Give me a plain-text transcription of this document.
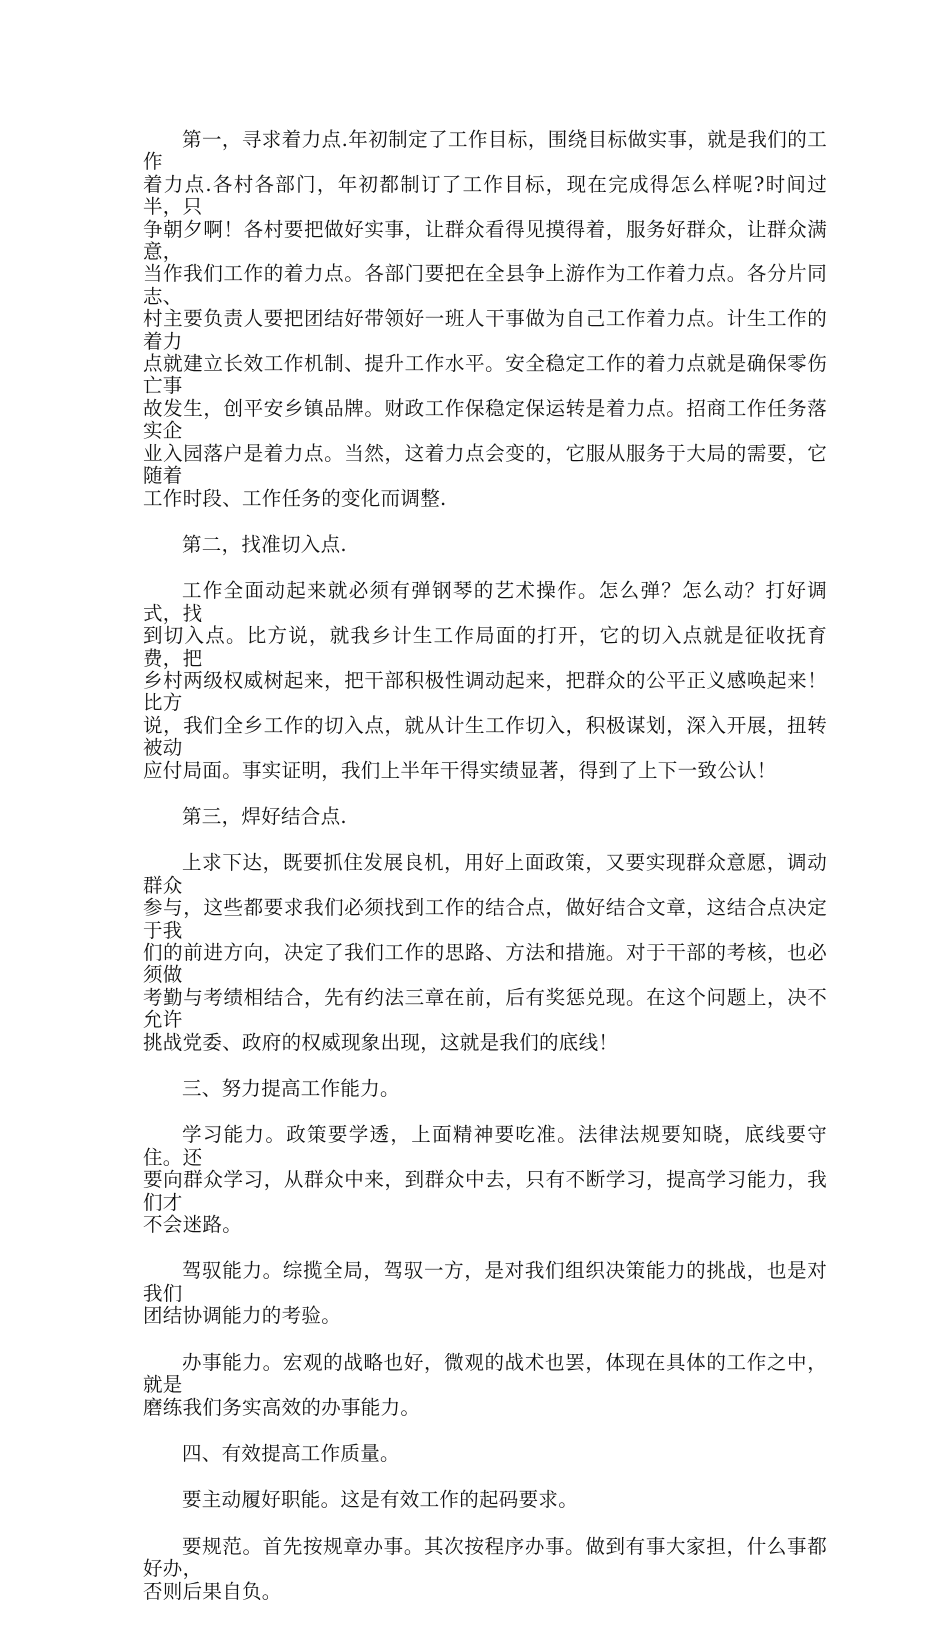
第一，寻求着力点.年初制定了工作目标，围绕目标做实事，就是我们的工作
着力点.各村各部门，年初都制订了工作目标，现在完成得怎么样呢?时间过半，只
争朝夕啊！各村要把做好实事，让群众看得见摸得着，服务好群众，让群众满意，
当作我们工作的着力点。各部门要把在全县争上游作为工作着力点。各分片同志、
村主要负责人要把团结好带领好一班人干事做为自己工作着力点。计生工作的着力
点就建立长效工作机制、提升工作水平。安全稳定工作的着力点就是确保零伤亡事
故发生，创平安乡镇品牌。财政工作保稳定保运转是着力点。招商工作任务落实企
业入园落户是着力点。当然，这着力点会变的，它服从服务于大局的需要，它随着
工作时段、工作任务的变化而调整.
第二，找准切入点.
工作全面动起来就必须有弹钢琴的艺术操作。怎么弹？怎么动？打好调式，找
到切入点。比方说，就我乡计生工作局面的打开，它的切入点就是征收抚育费，把
乡村两级权威树起来，把干部积极性调动起来，把群众的公平正义感唤起来！比方
说，我们全乡工作的切入点，就从计生工作切入，积极谋划，深入开展，扭转被动
应付局面。事实证明，我们上半年干得实绩显著，得到了上下一致公认！
第三，焊好结合点.
上求下达，既要抓住发展良机，用好上面政策，又要实现群众意愿，调动群众
参与，这些都要求我们必须找到工作的结合点，做好结合文章，这结合点决定于我
们的前进方向，决定了我们工作的思路、方法和措施。对于干部的考核，也必须做
考勤与考绩相结合，先有约法三章在前，后有奖惩兑现。在这个问题上，决不允许
挑战党委、政府的权威现象出现，这就是我们的底线！
三、努力提高工作能力。
学习能力。政策要学透，上面精神要吃准。法律法规要知晓，底线要守住。还
要向群众学习，从群众中来，到群众中去，只有不断学习，提高学习能力，我们才
不会迷路。
驾驭能力。综揽全局，驾驭一方，是对我们组织决策能力的挑战，也是对我们
团结协调能力的考验。
办事能力。宏观的战略也好，微观的战术也罢，体现在具体的工作之中，就是
磨练我们务实高效的办事能力。
四、有效提高工作质量。
要主动履好职能。这是有效工作的起码要求。
要规范。首先按规章办事。其次按程序办事。做到有事大家担，什么事都好办，
否则后果自负。
